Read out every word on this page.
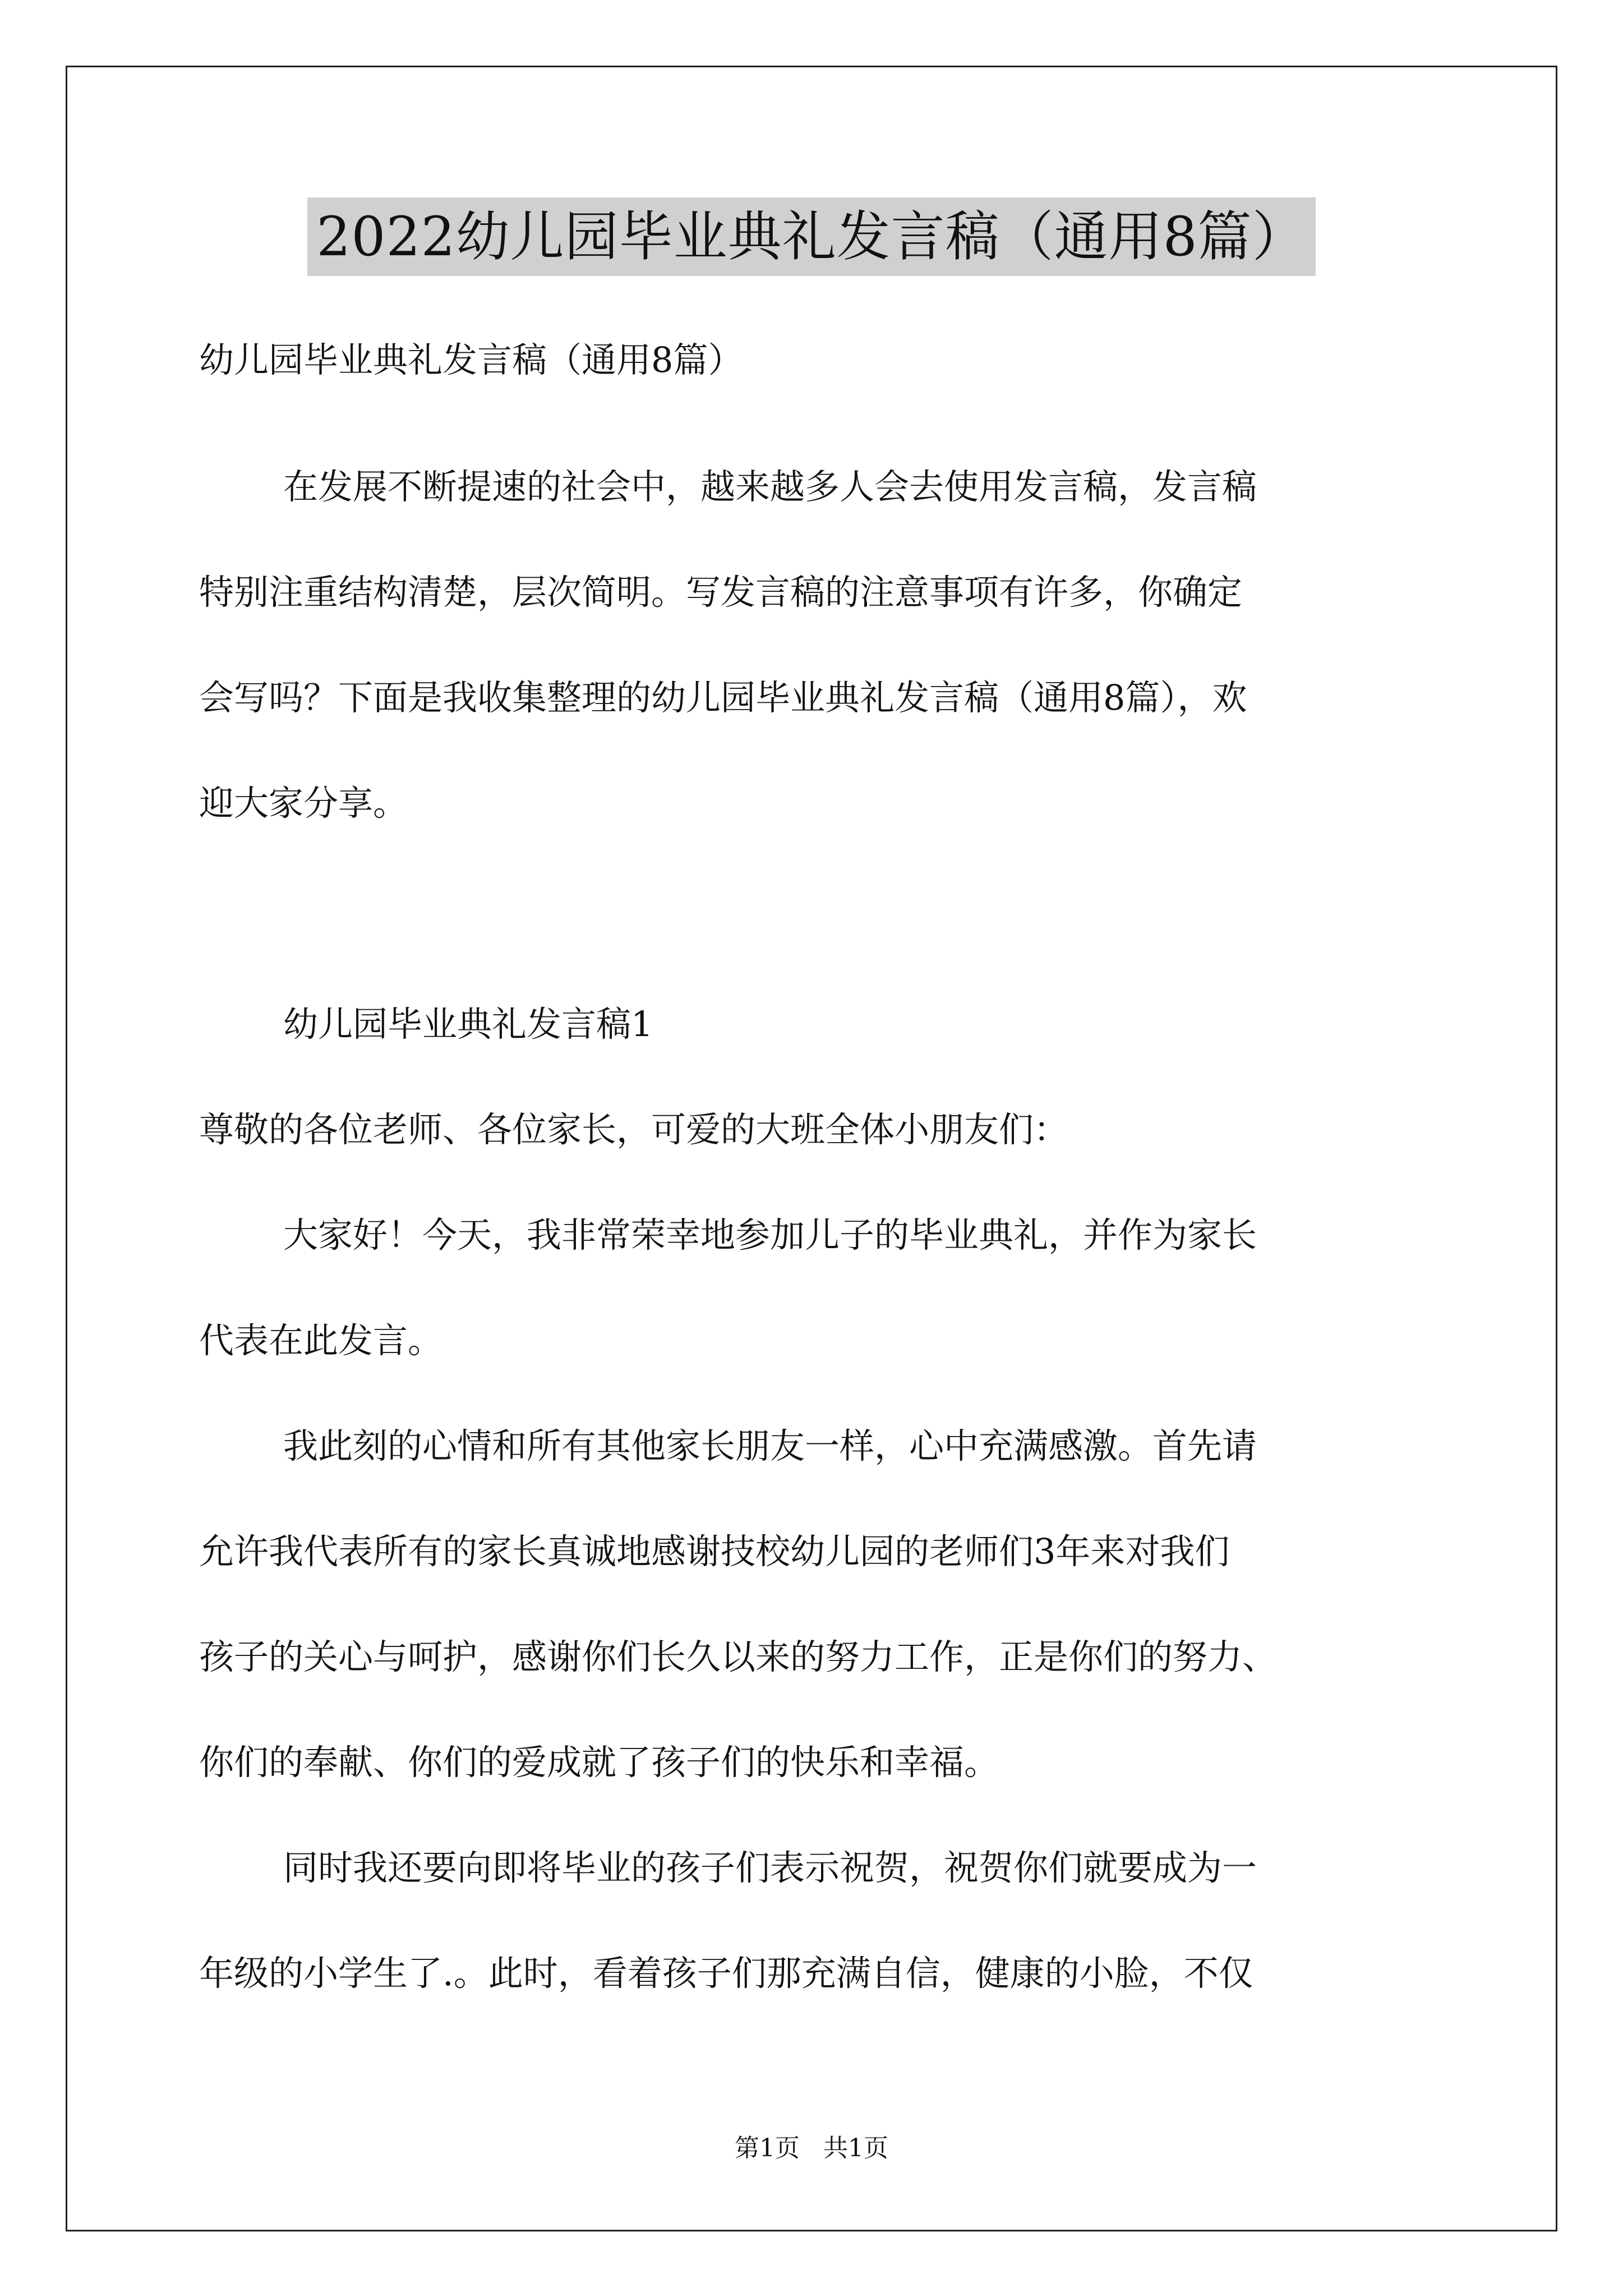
2022幼儿园毕业典礼发言稿（通用8篇）
幼儿园毕业典礼发言稿（通用8篇）
在发展不断提速的社会中，越来越多人会去使用发言稿，发言稿
特别注重结构清楚，层次简明。写发言稿的注意事项有许多，你确定
会写吗？下面是我收集整理的幼儿园毕业典礼发言稿（通用8篇），欢
迎大家分享。
幼儿园毕业典礼发言稿1
尊敬的各位老师、各位家长，可爱的大班全体小朋友们：
大家好！今天，我非常荣幸地参加儿子的毕业典礼，并作为家长
代表在此发言。
我此刻的心情和所有其他家长朋友一样，心中充满感激。首先请
允许我代表所有的家长真诚地感谢技校幼儿园的老师们3年来对我们
孩子的关心与呵护，感谢你们长久以来的努力工作，正是你们的努力、
你们的奉献、你们的爱成就了孩子们的快乐和幸福。
同时我还要向即将毕业的孩子们表示祝贺，祝贺你们就要成为一
年级的小学生了.。此时，看着孩子们那充满自信，健康的小脸，不仅
第1页   共1页
